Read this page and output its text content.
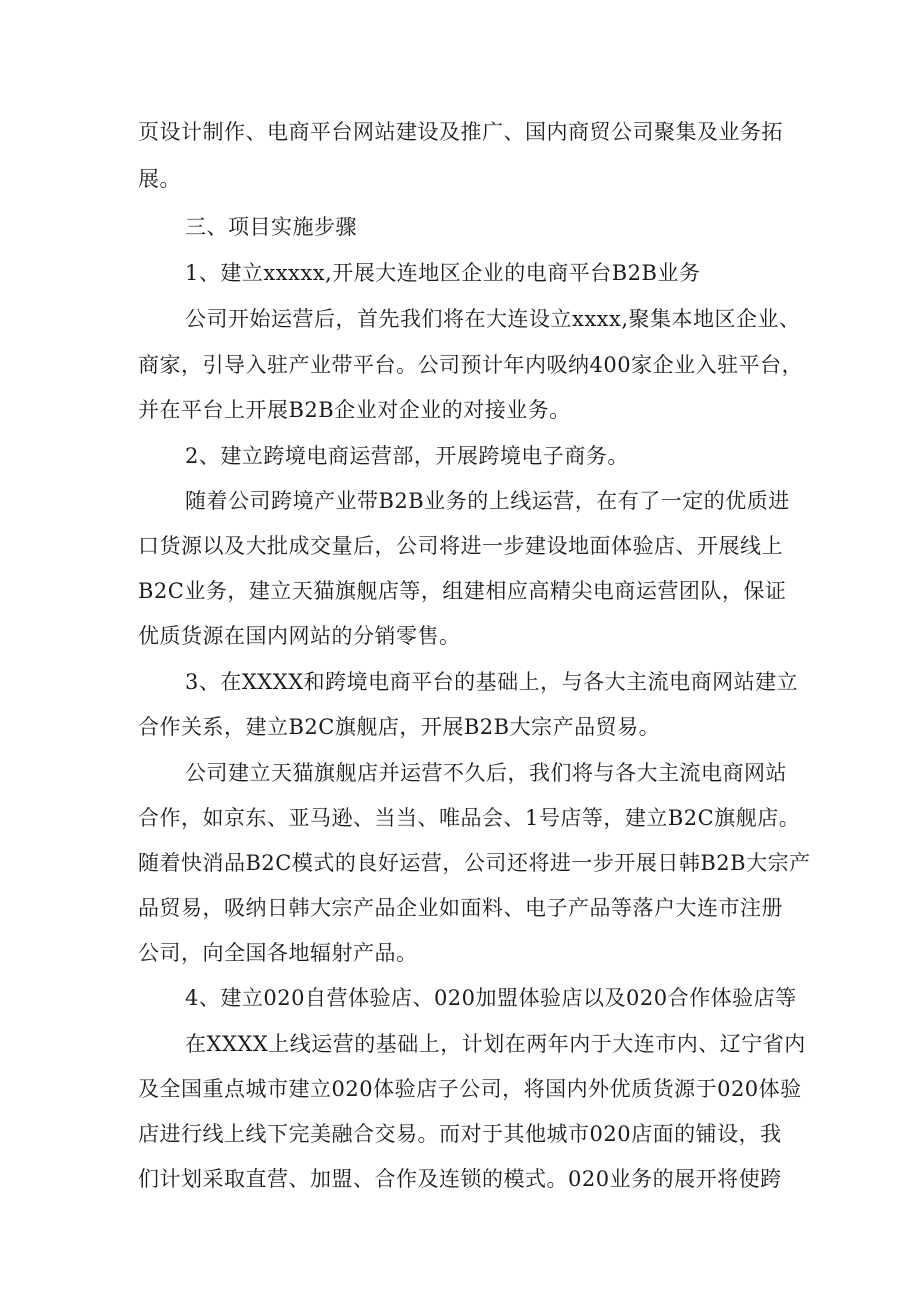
页设计制作、电商平台网站建设及推广、国内商贸公司聚集及业务拓

展。

三、项目实施步骤

1、建立xxxxx,开展大连地区企业的电商平台B2B业务

公司开始运营后，首先我们将在大连设立xxxx,聚集本地区企业、

商家，引导入驻产业带平台。公司预计年内吸纳400家企业入驻平台，

并在平台上开展B2B企业对企业的对接业务。

2、建立跨境电商运营部，开展跨境电子商务。

随着公司跨境产业带B2B业务的上线运营，在有了一定的优质进

口货源以及大批成交量后，公司将进一步建设地面体验店、开展线上

B2C业务，建立天猫旗舰店等，组建相应高精尖电商运营团队，保证

优质货源在国内网站的分销零售。

3、在XXXX和跨境电商平台的基础上，与各大主流电商网站建立

合作关系，建立B2C旗舰店，开展B2B大宗产品贸易。

公司建立天猫旗舰店并运营不久后，我们将与各大主流电商网站

合作，如京东、亚马逊、当当、唯品会、1号店等，建立B2C旗舰店。

随着快消品B2C模式的良好运营，公司还将进一步开展日韩B2B大宗产

品贸易，吸纳日韩大宗产品企业如面料、电子产品等落户大连市注册

公司，向全国各地辐射产品。

4、建立020自营体验店、020加盟体验店以及020合作体验店等

在XXXX上线运营的基础上，计划在两年内于大连市内、辽宁省内

及全国重点城市建立020体验店子公司，将国内外优质货源于020体验

店进行线上线下完美融合交易。而对于其他城市020店面的铺设，我

们计划采取直营、加盟、合作及连锁的模式。020业务的展开将使跨
